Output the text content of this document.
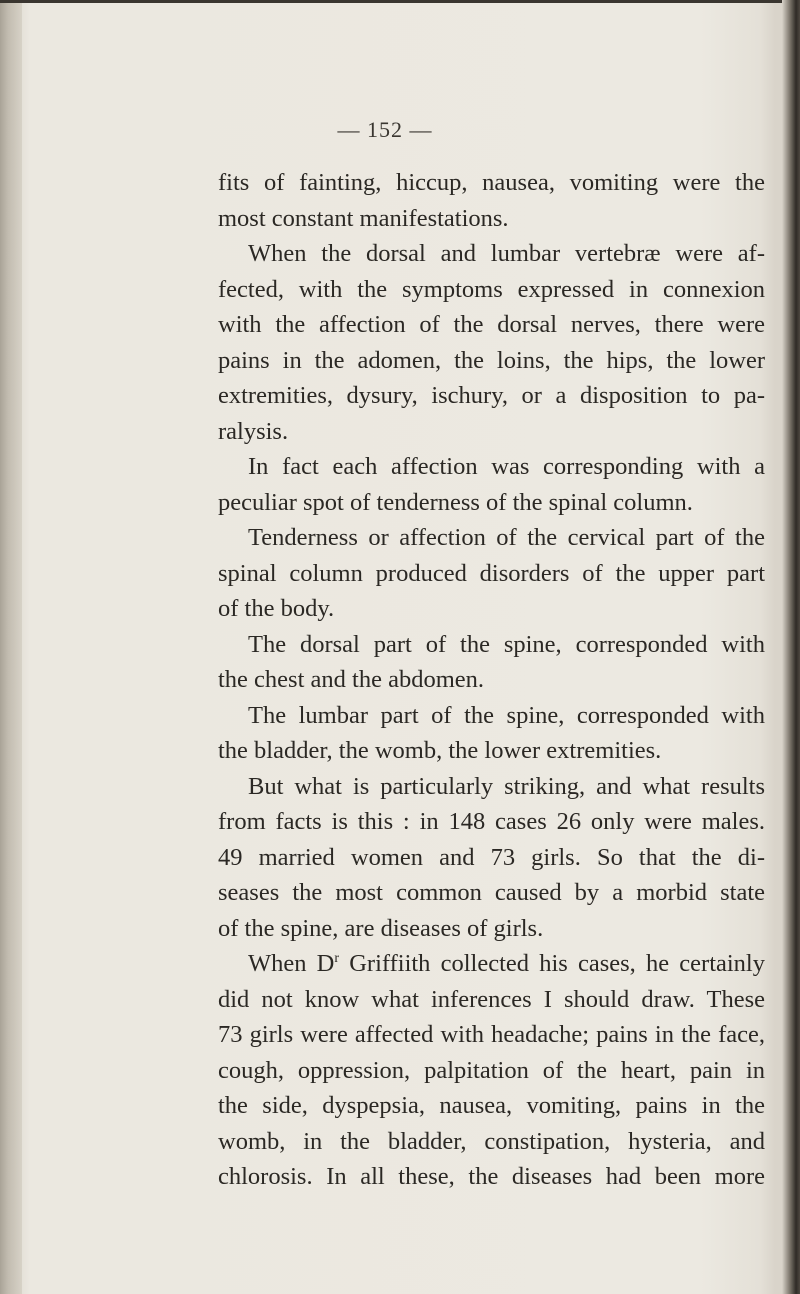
— 152 —
fits of fainting, hiccup, nausea, vomiting were the
most constant manifestations.
When the dorsal and lumbar vertebræ were af-
fected, with the symptoms expressed in connexion
with the affection of the dorsal nerves, there were
pains in the adomen, the loins, the hips, the lower
extremities, dysury, ischury, or a disposition to pa-
ralysis.
In fact each affection was corresponding with a
peculiar spot of tenderness of the spinal column.
Tenderness or affection of the cervical part of the
spinal column produced disorders of the upper part
of the body.
The dorsal part of the spine, corresponded with
the chest and the abdomen.
The lumbar part of the spine, corresponded with
the bladder, the womb, the lower extremities.
But what is particularly striking, and what results
from facts is this : in 148 cases 26 only were males.
49 married women and 73 girls. So that the di-
seases the most common caused by a morbid state
of the spine, are diseases of girls.
When $D^r$ Griffiith collected his cases, he certainly
did not know what inferences I should draw. These
73 girls were affected with headache; pains in the face,
cough, oppression, palpitation of the heart, pain in
the side, dyspepsia, nausea, vomiting, pains in the
womb, in the bladder, constipation, hysteria, and
chlorosis. In all these, the diseases had been more
